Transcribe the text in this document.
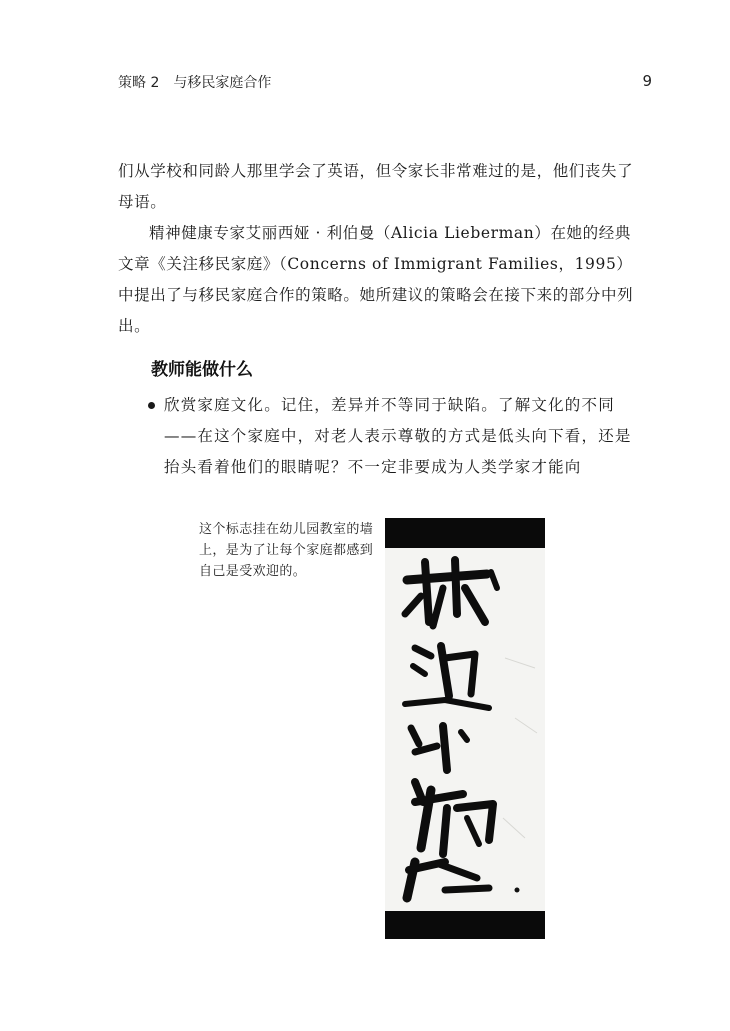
策略 2　与移民家庭合作	9

们从学校和同龄人那里学会了英语，但令家长非常难过的是，他们丧失了母语。

精神健康专家艾丽西娅 · 利伯曼（Alicia Lieberman）在她的经典文章《关注移民家庭》（Concerns of Immigrant Families，1995）中提出了与移民家庭合作的策略。她所建议的策略会在接下来的部分中列出。

教师能做什么
欣赏家庭文化。记住，差异并不等同于缺陷。了解文化的不同——在这个家庭中，对老人表示尊敬的方式是低头向下看，还是抬头看着他们的眼睛呢？不一定非要成为人类学家才能向
这个标志挂在幼儿园教室的墙上，是为了让每个家庭都感到自己是受欢迎的。
